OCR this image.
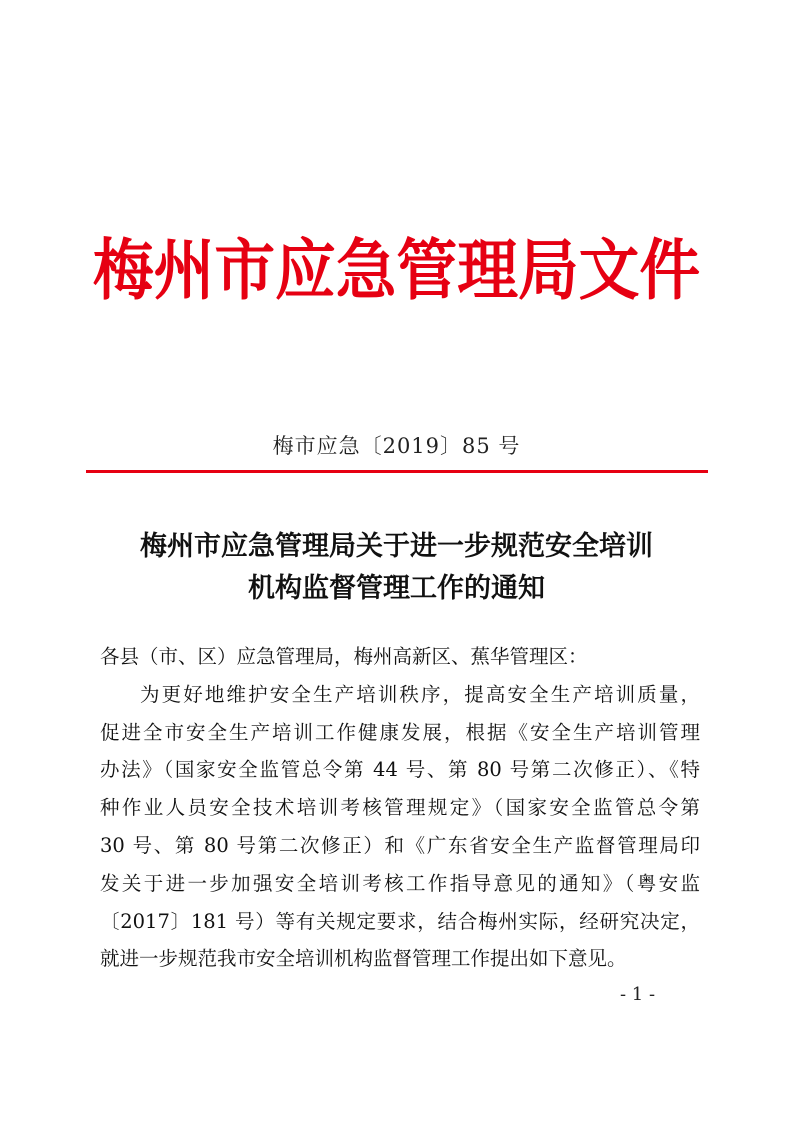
梅州市应急管理局文件
梅市应急〔2019〕85 号
梅州市应急管理局关于进一步规范安全培训
机构监督管理工作的通知
各县（市、区）应急管理局，梅州高新区、蕉华管理区：
为更好地维护安全生产培训秩序，提高安全生产培训质量，
促进全市安全生产培训工作健康发展，根据《安全生产培训管理
办法》（国家安全监管总令第 44 号、第 80 号第二次修正）、《特
种作业人员安全技术培训考核管理规定》（国家安全监管总令第
30 号、第 80 号第二次修正）和《广东省安全生产监督管理局印
发关于进一步加强安全培训考核工作指导意见的通知》（粤安监
〔2017〕181 号）等有关规定要求，结合梅州实际，经研究决定，
就进一步规范我市安全培训机构监督管理工作提出如下意见。
- 1 -
